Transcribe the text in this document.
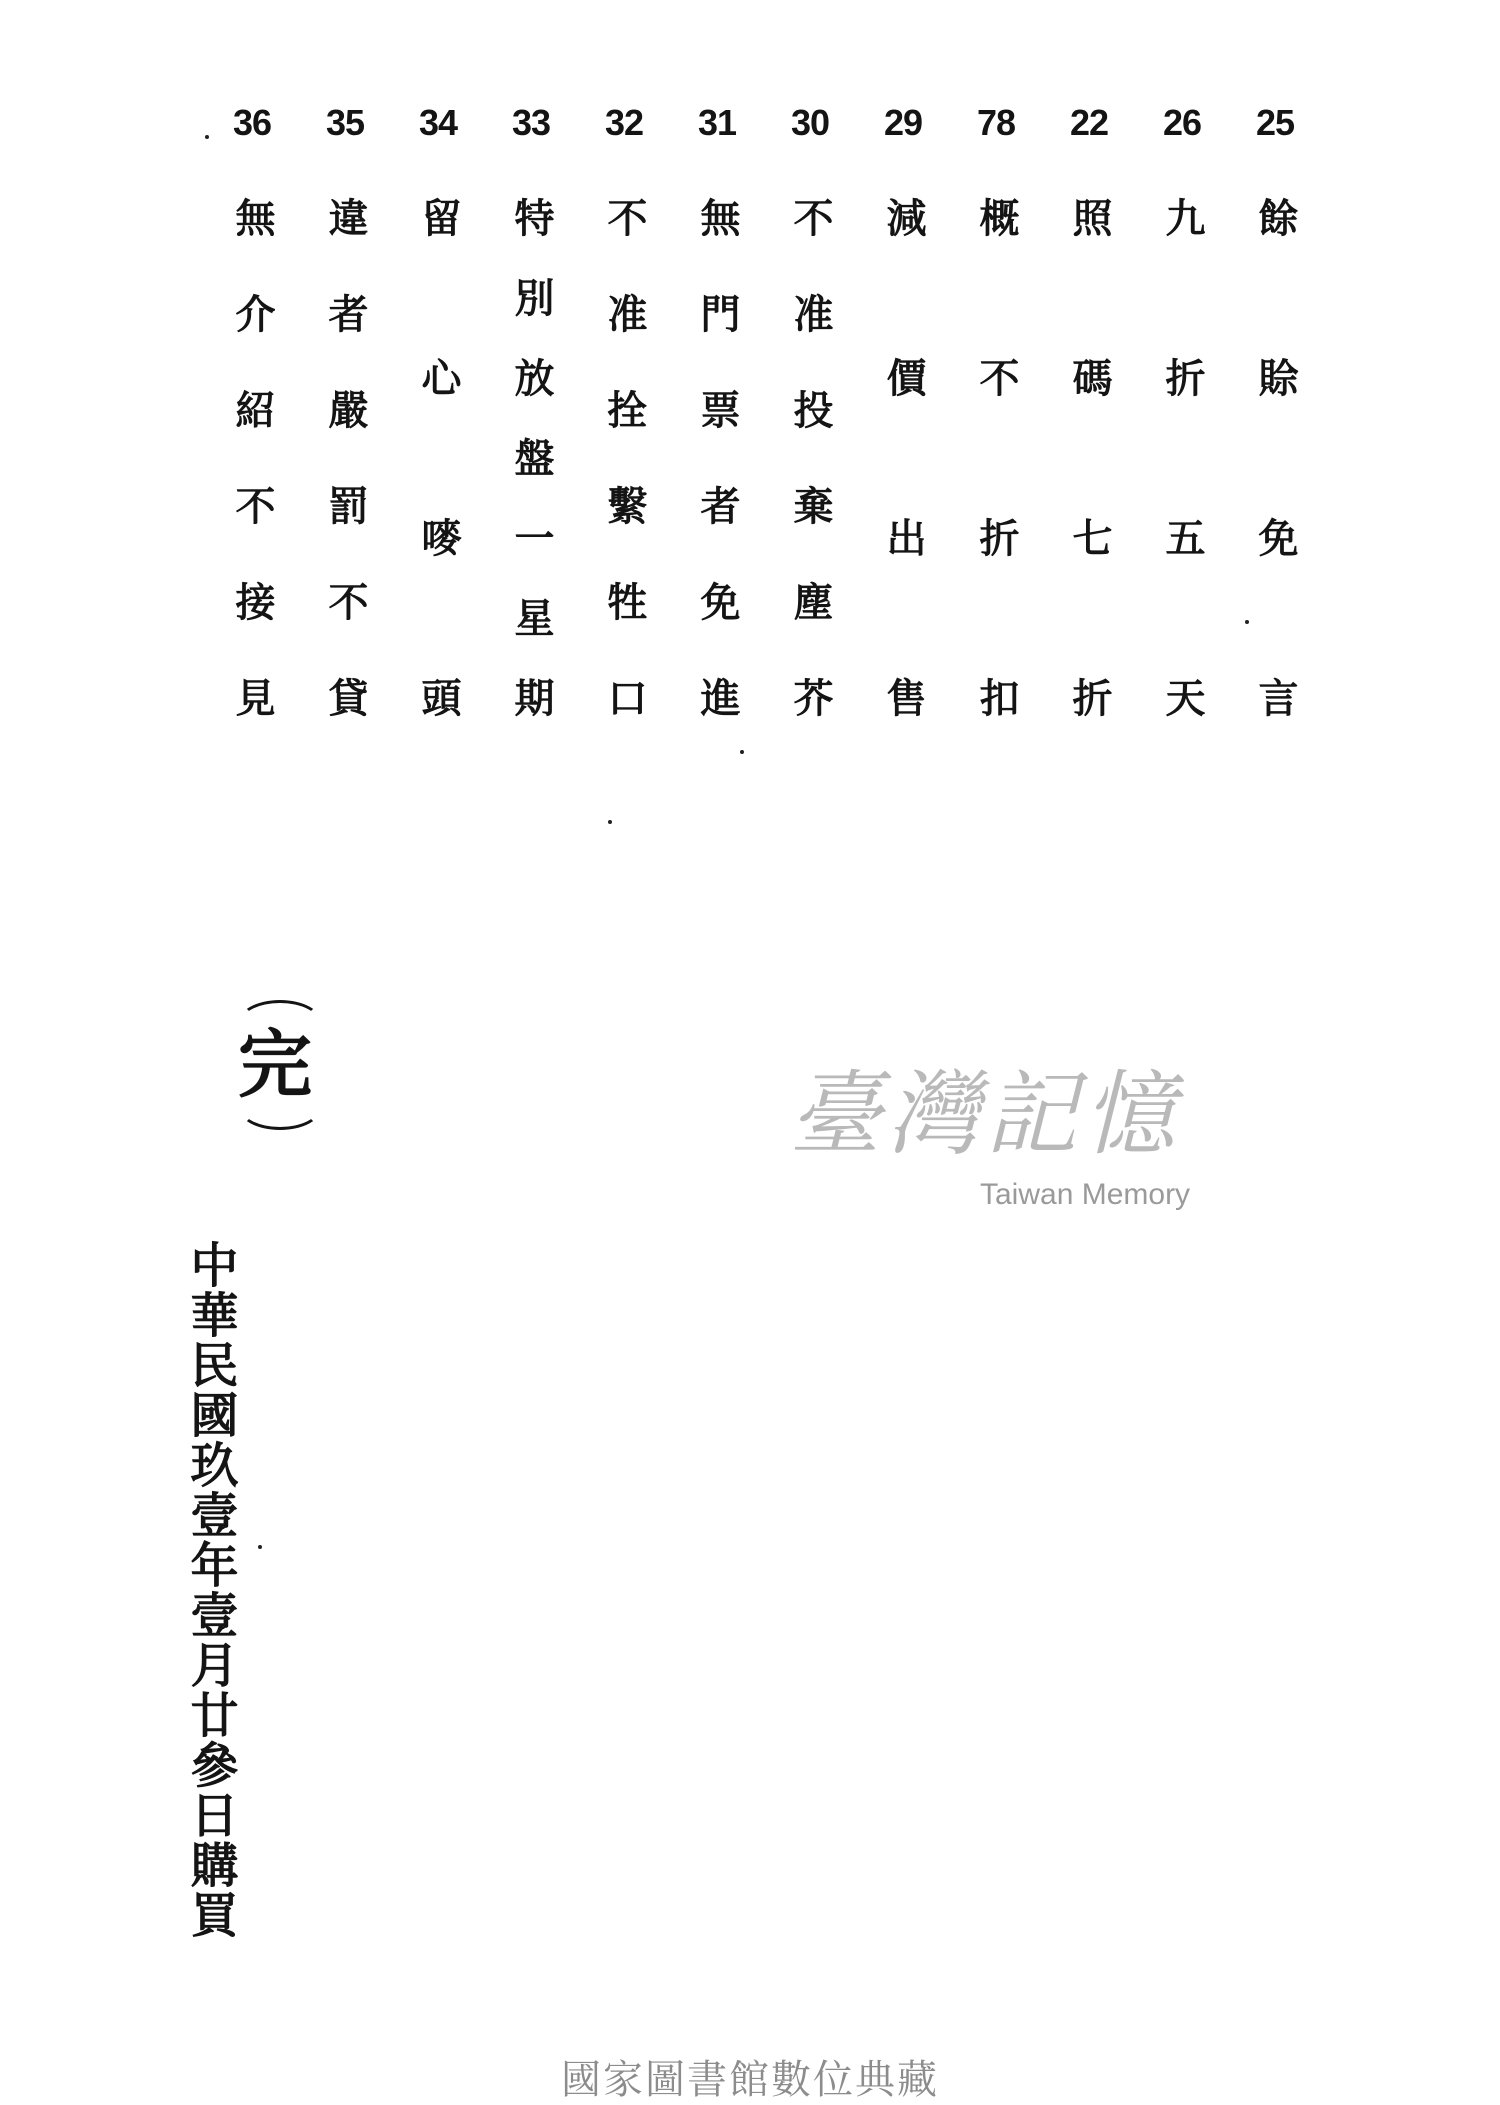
25
餘賒免言
26
九折五天
22
照碼七折
78
概不折扣
29
減價出售
30
不准投棄塵芥
31
無門票者免進
32
不准拴繫牲口
33
特別放盤一星期
34
留心嘜頭
35
違者嚴罰不貸
36
無介紹不接見
完	臺灣記憶
Taiwan Memory
中華民國玖壹年壹月廿參日購買
國家圖書館數位典藏
